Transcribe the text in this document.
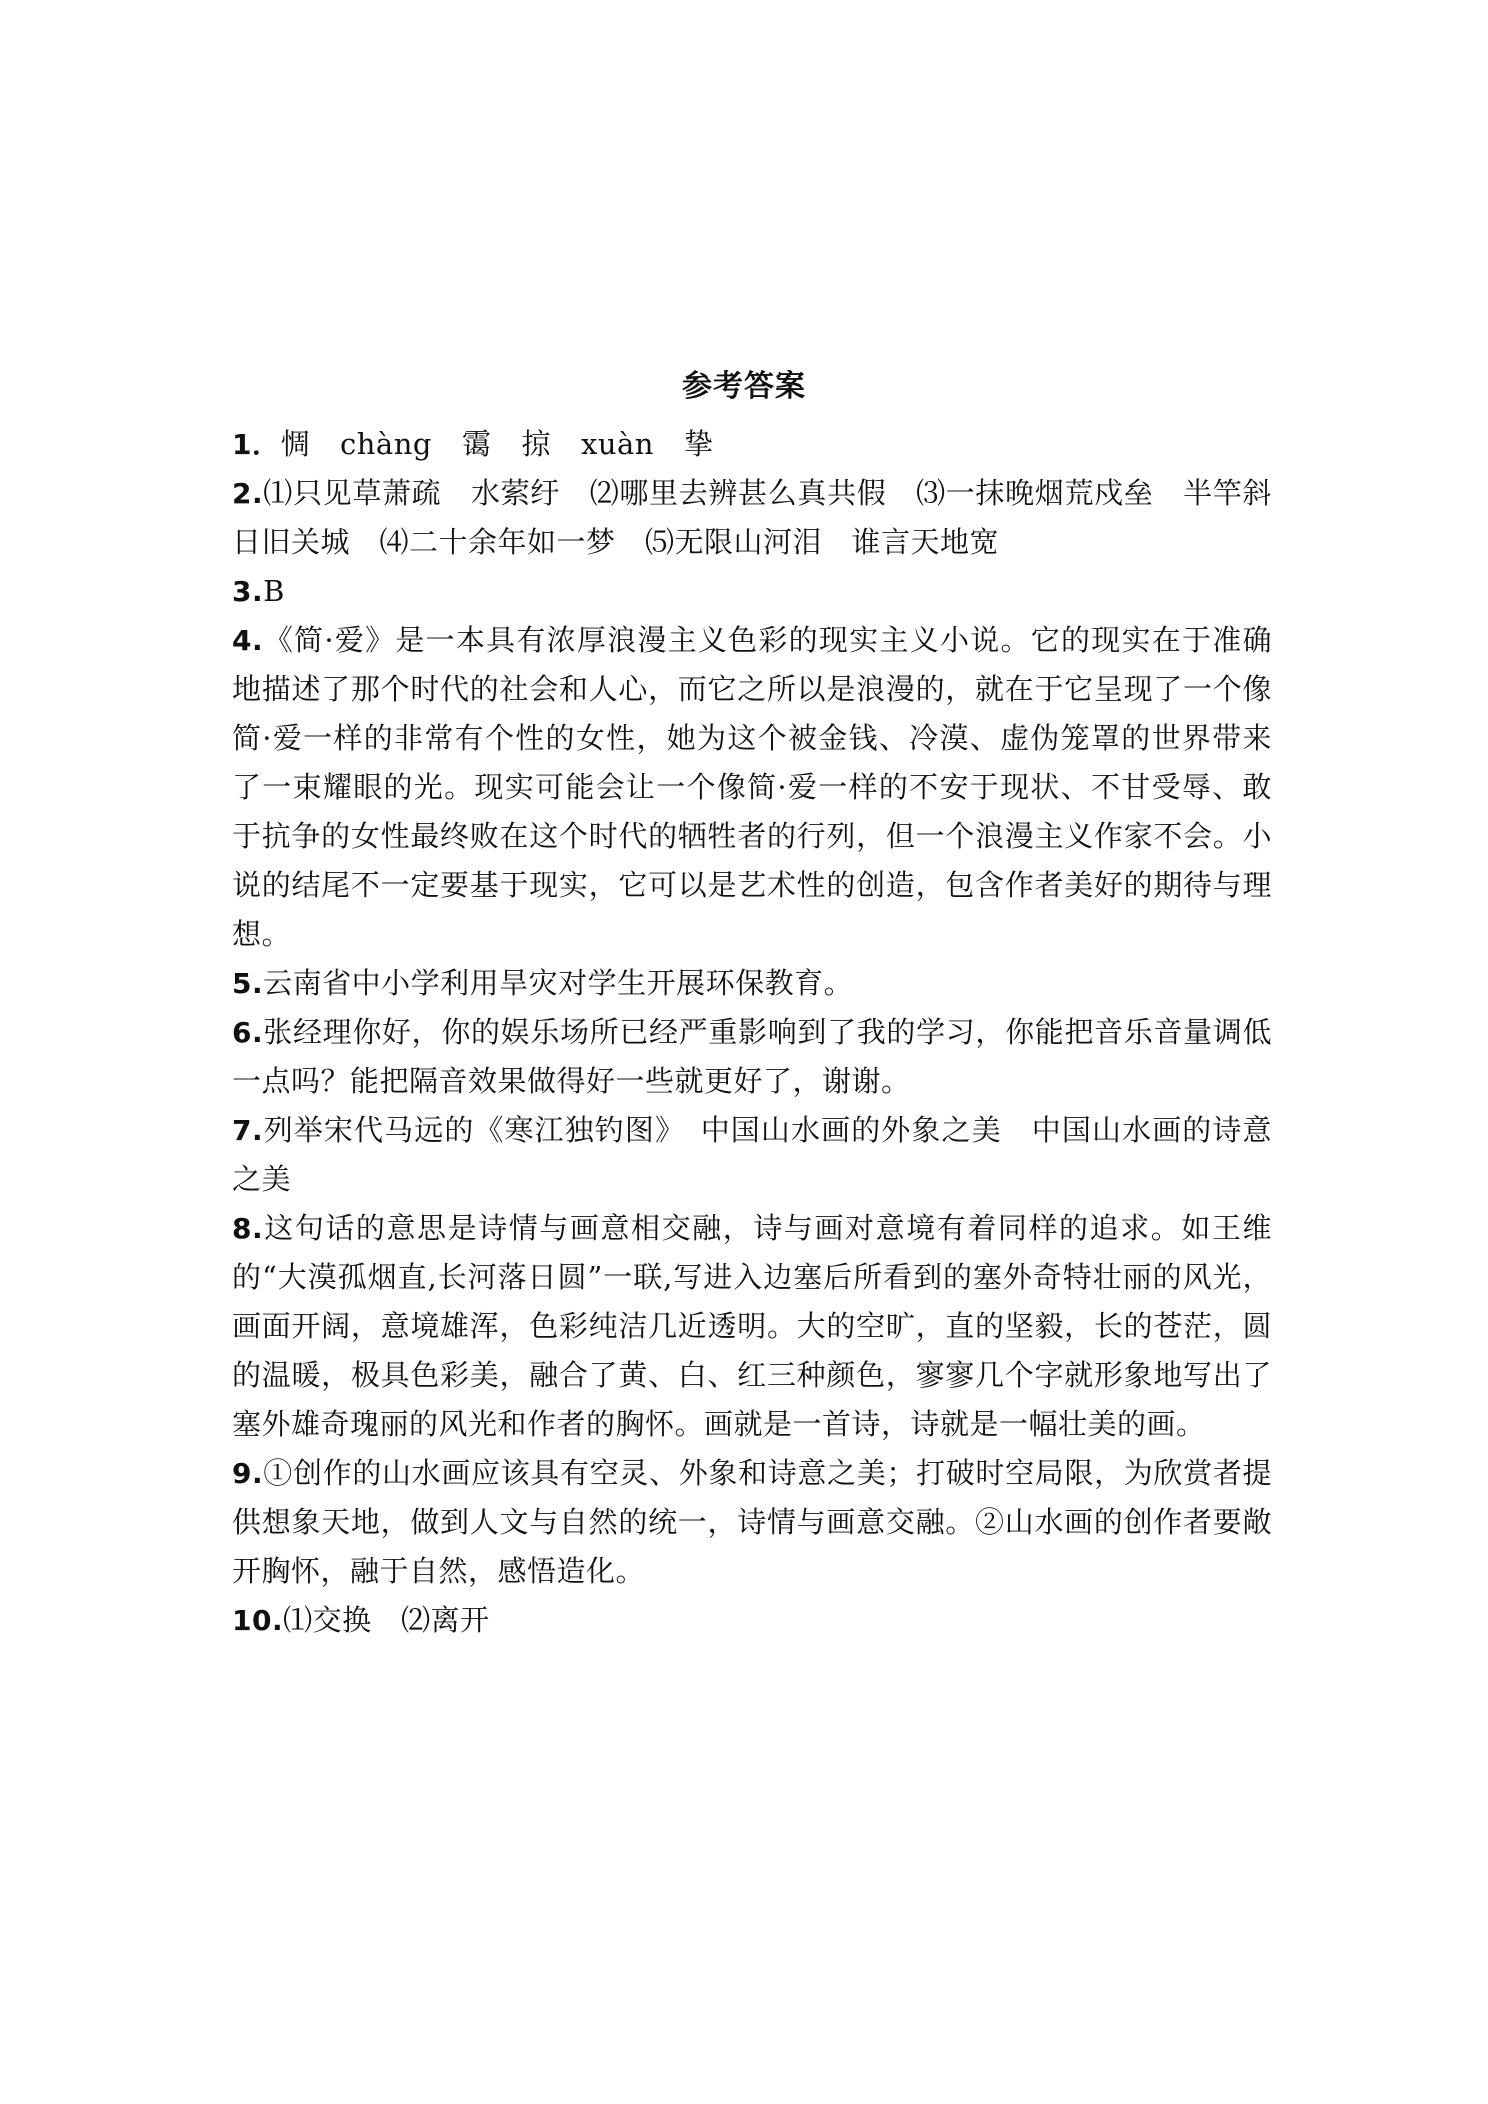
参考答案
1．惆 chàng 霭 掠 xuàn 挚
2.⑴只见草萧疏　水萦纡　⑵哪里去辨甚么真共假　⑶一抹晚烟荒戍垒　半竿斜日旧关城　⑷二十余年如一梦　⑸无限山河泪　谁言天地宽
3.B
4.《简·爱》是一本具有浓厚浪漫主义色彩的现实主义小说。它的现实在于准确地描述了那个时代的社会和人心，而它之所以是浪漫的，就在于它呈现了一个像简·爱一样的非常有个性的女性，她为这个被金钱、冷漠、虚伪笼罩的世界带来了一束耀眼的光。现实可能会让一个像简·爱一样的不安于现状、不甘受辱、敢于抗争的女性最终败在这个时代的牺牲者的行列，但一个浪漫主义作家不会。小说的结尾不一定要基于现实，它可以是艺术性的创造，包含作者美好的期待与理想。
5.云南省中小学利用旱灾对学生开展环保教育。
6.张经理你好，你的娱乐场所已经严重影响到了我的学习，你能把音乐音量调低一点吗？能把隔音效果做得好一些就更好了，谢谢。
7.列举宋代马远的《寒江独钓图》　中国山水画的外象之美　中国山水画的诗意之美
8.这句话的意思是诗情与画意相交融，诗与画对意境有着同样的追求。如王维的“大漠孤烟直,长河落日圆”一联,写进入边塞后所看到的塞外奇特壮丽的风光，画面开阔，意境雄浑，色彩纯洁几近透明。大的空旷，直的坚毅，长的苍茫，圆的温暖，极具色彩美，融合了黄、白、红三种颜色，寥寥几个字就形象地写出了塞外雄奇瑰丽的风光和作者的胸怀。画就是一首诗，诗就是一幅壮美的画。
9.①创作的山水画应该具有空灵、外象和诗意之美；打破时空局限，为欣赏者提供想象天地，做到人文与自然的统一，诗情与画意交融。②山水画的创作者要敞开胸怀，融于自然，感悟造化。
10.⑴交换　⑵离开
